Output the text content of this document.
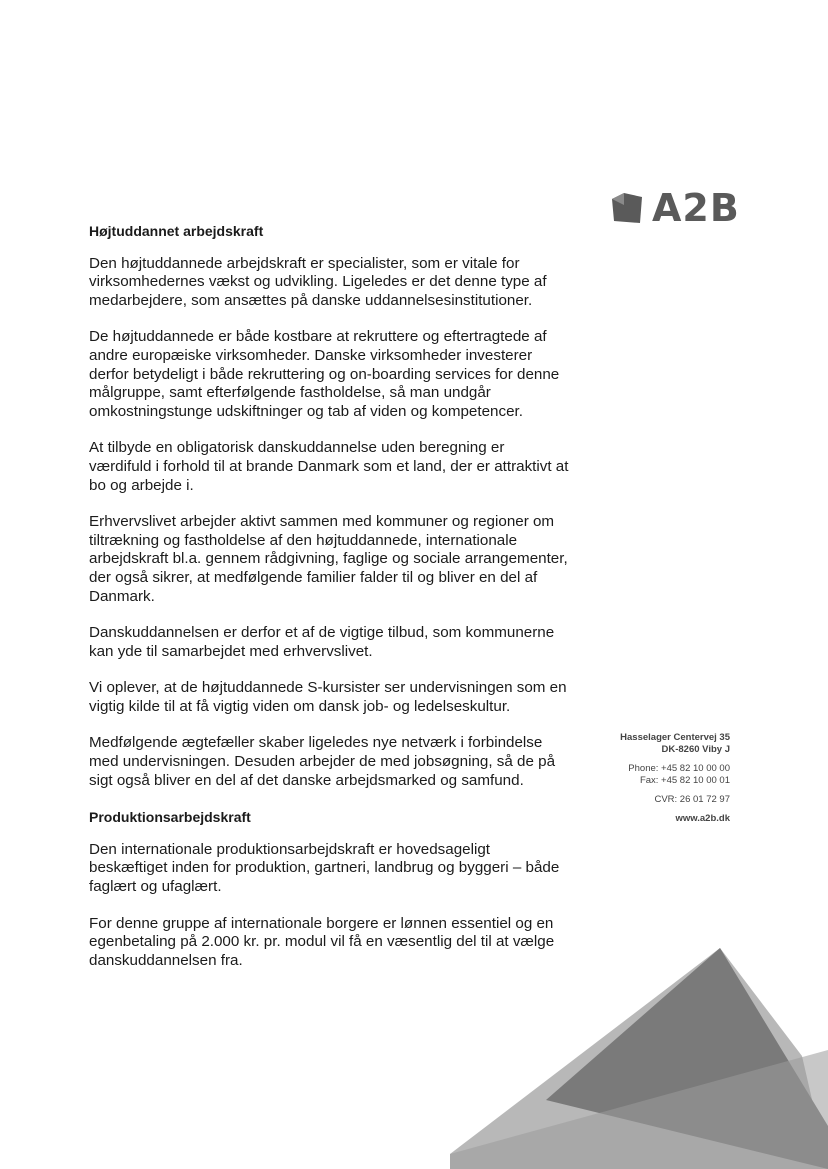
A2B

Højtuddannet arbejdskraft

Den højtuddannede arbejdskraft er specialister, som er vitale for virksomhedernes vækst og udvikling. Ligeledes er det denne type af medarbejdere, som ansættes på danske uddannelsesinstitutioner.

De højtuddannede er både kostbare at rekruttere og eftertragtede af andre europæiske virksomheder. Danske virksomheder investerer derfor betydeligt i både rekruttering og on-boarding services for denne målgruppe, samt efterfølgende fastholdelse, så man undgår omkostningstunge udskiftninger og tab af viden og kompetencer.

At tilbyde en obligatorisk danskuddannelse uden beregning er værdifuld i forhold til at brande Danmark som et land, der er attraktivt at bo og arbejde i.

Erhvervslivet arbejder aktivt sammen med kommuner og regioner om tiltrækning og fastholdelse af den højtuddannede, internationale arbejdskraft bl.a. gennem rådgivning, faglige og sociale arrangementer, der også sikrer, at medfølgende familier falder til og bliver en del af Danmark.

Danskuddannelsen er derfor et af de vigtige tilbud, som kommunerne kan yde til samarbejdet med erhvervslivet.

Vi oplever, at de højtuddannede S-kursister ser undervisningen som en vigtig kilde til at få vigtig viden om dansk job- og ledelseskultur.

Medfølgende ægtefæller skaber ligeledes nye netværk i forbindelse med undervisningen. Desuden arbejder de med jobsøgning, så de på sigt også bliver en del af det danske arbejdsmarked og samfund.

Produktionsarbejdskraft

Den internationale produktionsarbejdskraft er hovedsageligt beskæftiget inden for produktion, gartneri, landbrug og byggeri – både faglært og ufaglært.

For denne gruppe af internationale borgere er lønnen essentiel og en egenbetaling på 2.000 kr. pr. modul vil få en væsentlig del til at vælge danskuddannelsen fra.

Hasselager Centervej 35
DK-8260 Viby J
Phone: +45 82 10 00 00
Fax: +45 82 10 00 01
CVR: 26 01 72 97
www.a2b.dk
